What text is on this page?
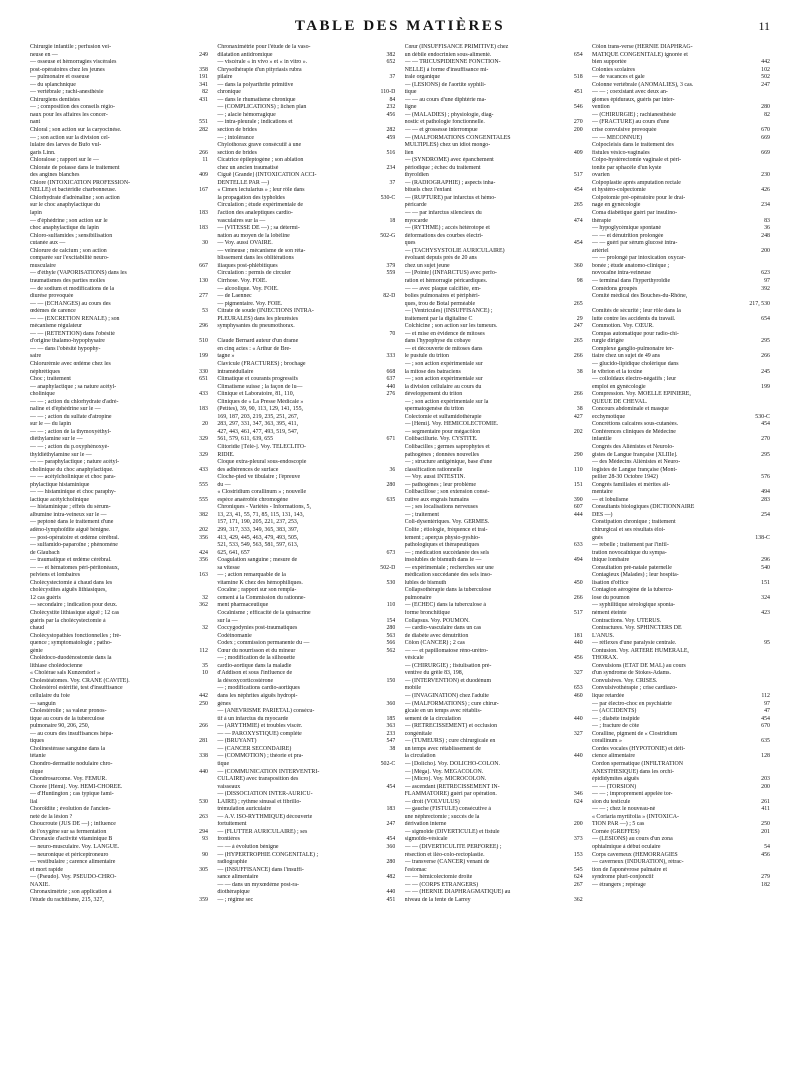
TABLE DES MATIÈRES	11
Chirurgie infantile ; perfusion vei-
neuse en —	249
— osseuse et hémorragies viscérales
post-opératoires chez les jeunes	358
— pulmonaire et osseuse	191
— du splanchnique	341
— vertébrale ; rachi-anesthésie	82
Chirurgiens dentistes	431
— ; composition des conseils régio-
naux pour les affaires les concer-
nant	551
Chloral ; son action sur la caryocinèse.	282
— ; son action sur la division cel-
lulaire des larves de Bufo vul-
garis Linn.	266
Chloralose ; rapport sur le —	11
Chlorate de potasse dans le traitement
des angines blanches	409
Chlore (INTOXICATION PROFESSION-
NELLE) et bactéridie charbonneuse.	167
Chlorhydrate d'adrénaline ; son action
sur le choc anaphylactique du
lapin	183
— d'éphédrine ; son action sur le
choc anaphylactique du lapin	183
Chloro-sulfamides ; sensibilisation
cutanée aux —	30
Chlorure de calcium ; son action
comparée sur l'excitabilité neuro-
musculaire	667
— d'éthyle (VAPORISATIONS) dans les
traumatismes des parties molles	130
— de sodium et modifications de la
diurèse provoquée	277
— — (ÉCHANGES) au cours des
œdèmes de carence	53
— — (EXCRÉTION RÉNALE) ; son
mécanisme régulateur	296
— — (RÉTENTION) dans l'obésité
d'origine thalamo-hypophysaire	510
— — dans l'obésité hypophy-
saire	199
Chlorurémie avec œdème chez les
néphrétiques	330
Choc ; traitement	651
— anaphylactique ; sa nature acétyl-
cholinique	433
— — ; action du chlorhydrate d'adré-
naline et d'éphédrine sur le —	183
— — ; action du sulfate d'atropine
sur le — du lapin	20
— — ; action de la thymoxyéthyl-
diéthylamine sur le —	329
— — ; action du p.oxyphénoxyé-
thyldiéthylamine sur le —	329
— — paraphylactique ; nature acétyl-
cholinique du choc anaphylactique.	433
— — acétylcholinique et choc para-
phylactique histaminique	555
— — histaminique et choc paraphy-
lactique acétylcholinique	555
— histaminique ; effets du sérum-
albumine intra-veineux sur le —	382
— peptoné dans le traitement d'une
adéno-lymphoïdite aiguë bénigne.	202
— post-opératoire et œdème cérébral.	356
— sulfamido-paparoïne ; phénomène
de Glaubach	424
— traumatique et œdème cérébral.	356
— — et hématomes péri-péritonéaux,
pelviens et lombaires	163
Cholécystectomie à chaud dans les
cholécystites aiguës lithiasiques,
12 cas guéris	32
— secondaire ; indication pour deux.	362
Cholécystite lithiasique aiguë ; 12 cas
guéris par la cholécystectomie à
chaud	32
Cholécystopathies fonctionnelles ; fré-
quence ; symptomatologie ; patho-
génie	112
Cholédoco-duodénostomie dans la
lithiase cholédocienne	35
« Cholérae sals Kunzendorf »	10
Cholestéatomes. Voy. CRANE (CAVITÉ).
Cholestérol estérifié, test d'insuffisance
cellulaire du foie	442
— sanguin	250
Cholestérolie ; sa valeur pronos-
tique au cours de la tuberculose
pulmonaire 90, 206, 250,	266
— au cours des insuffisances hépa-
tiques	281
Cholinestérase sanguine dans la
tétanie	338
Chondro-dermatite nodulaire chro-
nique	440
Chondrosarcome. Voy. FÉMUR.
Chorée [Hémi]. Voy. HÉMI-CHORÉE.
— d'Huntington ; cas typique fami-
lial	530
Choroïdite ; évolution de l'ancien-
neté de la lésion ?	263
Choucroute (JUS DE —) ; influence
de l'oxygène sur sa fermentation	294
Chronaxie d'activité vitaminique B	93
— neuro-musculaire. Voy. LANGUE.
— neuronique et périceptroneuro	90
— vestibulaire ; carence alimentaire
et mort rapide	305
— (Pseudo). Voy. PSEUDO-CHRO-
NAXIE.
Chronaximétrie ; son application à
l'étude du rachitisme, 215, 327,	359
Chronaximétrie pour l'étude de la vaso-
dilatation antidromique	382
— viscérale « in vivo » et « in vitro ».	652
Chrysothérapie d'un pityriasis rubra
pilaire	37
— dans la polyarthrite primitive
chronique	110-D
— dans le rhumatisme chronique	84
— (COMPLICATIONS) ; lichen plan	232
— ; alacie hémorragique	456
— intra-pleurale ; indications et
section de brides	282
— ; intolérance	459
Chylothorax grave consécutif à une
section de brides	516
Cicatrice épileptogène ; son ablation
chez un ancien traumatisé	234
Ciguë [Grande] (INTOXICATION ACCI-
DENTELLE PAR —)	37
« Cimex lectularius » ; leur rôle dans
la propagation des typhoïdes	530-C
Circulation ; étude expérimentale de
l'action des analeptiques cardio-
vasculaires sur la —	18
— (VITESSE DE —) ; sa détermi-
nation au moyen de la lobéline	502-G
— Voy. aussi OVAIRE.
— veineuse ; mécanisme de son réta-
blissement dans les oblitérations
iliaques post-phlébitiques	379
Circulation : permis de circuler	559
Cirrhose. Voy. FOIE.
— alcoolique. Voy. FOIE.
— de Laennec	82-D
— pigmentaire. Voy. FOIE.
Citrate de soude (INJECTIONS INTRA-
PLEURALES) dans les pleurésies
symphysantes du pneumothorax.
70
Claude Bernard auteur d'un drame
en cinq actes : « Arthur de Bre-
tagne »	333
Clavicule (FRACTURES) ; brochage
intramédullaire	668
Climatique et courants progressifs	637
Climatisme suisse ; la façon de lu—	440
Clinique et Laboratoire, 81, 110,	276
Cliniques de « La Presse Médicale »
(Petites), 39, 90, 113, 129, 141, 155,
169, 187, 203, 219, 235, 251, 267,
283, 297, 331, 347, 363, 395, 411,
427, 443, 461, 477, 493, 519, 547,
561, 579, 611, 639, 655	671
Clitoridie [Télé-]. Voy. TÉLÉCLITO-
RIDIE.
Cloque extra-pleural sous-endoscopie
des adhérences de surface	36
Cloche-pied ve tibulaire ; l'épreuve
du —	280
« Clostridium corallinum » ; nouvelle
espèce anaérobie chromogène	635
Chroniques - Variétés - Informations, 5,
13, 23, 41, 55, 71, 85, 115, 131, 143,
157, 171, 190, 205, 221, 237, 253,
299, 317, 333, 349, 365, 383, 397,
413, 429, 445, 463, 479, 493, 505,
521, 533, 549, 563, 581, 597, 613,
625, 641, 657	673
Coagulation sanguine ; mesure de
sa vitesse	502-D
— ; action remarquable de la
vitamine K chez des hémophiliques.	530
Cocaïne ; rapport sur son rempla-
cement à la Commission du rationne-
ment pharmaceutique	110
Cocaïnisme ; efficacité de la quinacrine
sur la —	154
Coccygodynies post-traumatiques	280
Codéinomanie	563
Codex ; commission permanente du —	566
Cœur du nourrisson et du mineur	562
— ; modification de la silhouette
cardio-aortique dans la maladie
d'Addison et sous l'influence de
la désoxycorticostérone	150
— ; modifications cardio-aortiques
dans les néphrites aiguës hydropi-
gènes	360
— (ANÉVRISME PARIÉTAL) consécu-
tif à un infarctus du myocarde	185
— (ARYTHMIE) et troubles viscér.	363
— — PAROXYSTIQUE) complète	233
— (BRUYANT)	547
— (CANCER SECONDAIRE)	38
— (COMMOTION) ; théorie et pra-
tique	502-C
— (COMMUNICATION INTERVENTRI-
CULAIRE) avec transposition des
vaisseaux	454
— (DISSOCIATION INTER-AURICU-
LAIRE) ; rythme sinusal et fibrillo-
trémulation auriculaire	183
— A.V. ISO-RYTHMIQUE) découverte
fortuitement	247
— (FLUTTER AURICULAIRE) ; ses
frontières	454
— — à évolution bénigne	360
— (HYPERTROPHIE CONGÉNITALE) ;
radiographie	280
— (INSUFFISANCE) dans l'insuffi-
sance alimentaire	482
— — dans un myxœdème post-ra-
diothérapique	440
— ; régime sec	451
Cœur (INSUFFISANCE PRIMITIVE) chez
un débile endocrinien sous-alimenté.	654
— — TRICUSPIDIENNE FONCTION-
NELLE) à forme d'insuffisance mi-
trale organique	518
— (LÉSIONS) de l'aortite syphili-
tique	451
— — au cours d'une diphtérie ma-
ligne	546
— (MALADIES) ; physiologie, diag-
nostic et pathologie fonctionnelle.	270
— — et grossesse interrompue	200
— (MALFORMATIONS CONGÉNITALES
MULTIPLES) chez un idiot mongo-
lien	409
— (SYNDROME) avec épanchement
périodique ; échec du traitement
thyroïdien	517
— (RADIOGRAPHIE) ; aspects inha-
bituels chez l'enfant	454
— (RUPTURE) par infarctus et hémo-
péricarde	265
— — par infarctus silencieux du
myocarde	474
— (RYTHME) ; accès hétérotope et
déformations des courbes électri-
ques	454
— (TACHYSYSTOLIE AURICULAIRE)
évoluant depuis près de 20 ans
chez un sujet jeune	360
— [Pointe] (INFARCTUS) avec perfo-
ration et hémorragie péricardiques.	98
— — avec plaque calcifiée, em-
bolies pulmonaires et périphéri-
ques, trou de Botal perméable	265
— [Ventricules] (INSUFFISANCE) ;
traitement par la digitaline C	29
Colchicine ; son action sur les tumeurs.	247
— et mise en évidence de mitoses
dans l'hypophyse du cobaye	265
— et découverte de mitoses dans
le pustule du triton	266
— ; son action expérimentale sur
la mitose des batraciens	38
— ; son action expérimentale sur
la division cellulaire au cours du
développement du triton	266
— ; son action expérimentale sur la
spermatogenèse du triton	38
Colectomie et sulfamidothérapie	427
— [Hémi]. Voy. HÉMICOLECTOMIE.
— segmentaire pour mégacôlon	202
Colibacillurie. Voy. CYSTITE.
Colibacilles ; germes saprophytes et
pathogènes ; données nouvelles	290
— ; structure antigénique, base d'une
classification rationnelle	110
— Voy. aussi INTESTIN.
— pathogènes ; leur problème	151
Colibacillose ; son extension consé-
cutive aux engrais humains	390
— ; ses localisations nerveuses	607
— ; traitement	444
Coli-dysentériques. Voy. GERMES.
Colite ; étiologie, fréquence et trai-
tement ; aperçus physio-pyshio-
pathologiques et thérapeutiques	633
— ; médication succédanée des sels
insolubles de bismuth dans le —	494
— expérimentale ; recherches sur une
médication succédanée des sels inso-
lubles de bismuth	450
Collapsothérapie dans la tuberculose
pulmonaire	266
— (ÉCHEC) dans la tuberculose à
forme bronchitique	517
Collapsus. Voy. POUMON.
— cardio-vasculaire dans un cas
de diabète avec dénutrition	181
Côlon (CANCER) ; 2 cas	440
— — et papillomatose réno-urétro-
vésicale	456
— (CHIRURGIE) ; fistulisation pré-
ventive du grêle 83, 198,	327
— (INTERVENTION) et duodénum
mobile	653
— (INVAGINATION) chez l'adulte	460
— (MALFORMATIONS) ; cure chirur-
gicale en un temps avec rétablis-
sement de la circulation	440
— (RÉTRÉCISSEMENT) et occlusion
congénitale	327
— (TUMEURS) ; cure chirurgicale en
un temps avec rétablissement de
la circulation	440
— [Dolicho]. Voy. DOLICHO-CÔLON.
— [Méga]. Voy. MÉGACÔLON.
— [Micro]. Voy. MICROCÔLON.
— ascendant (RÉTRÉCISSEMENT IN-
FLAMMATOIRE) guéri par opération.	346
— droit (VOLVULUS)	624
— gauche (FISTULE) consécutive à
une néphrectomie ; succès de la
dérivation interne	200
— sigmoïde (DIVERTICULE) et fistule
sigmoïdo-vésicale	373
— — (DIVERTICULITE PERFORÉE) ;
résection et iléo-colo-rectoplastie.	153
— transverse (CANCER) venant de
l'estomac	545
— — hémicolectomie droite	624
— — (CORPS ÉTRANGERS)	267
— — (HERNIE DIAPHRAGMATIQUE) au
niveau de la fente de Larrey	362
Côlon trans-verse (HERNIE DIAPHRAG-
MATIQUE CONGÉNITALE) ignorée et
bien supportée	442
Colonies scolaires	102
— de vacances et gale	502
Colonne vertébrale (ANOMALIES), 3 cas.	247
— — ; coexistant avec deux an-
giomes épiduraux, guéris par inter-
vention	280
— (CHIRURGIE) ; rachianesthésie	82
— (FRACTURE) au cours d'une
crise convulsive provoquée	670
— — MÉCONNUE)	669
Colpocleisis dans le traitement des
fistules vésico-vaginales	669
Colpo-hystérectomie vaginale et péri-
tonite par sphacèle d'un kyste
ovarien	230
Colpoplastie après amputation rectale
et hystéro-colpectomie	426
Colpotomie pré-opératoire pour le drai-
nage en gynécologie	234
Coma diabétique guéri par insulino-
thérapie	83
— hypoglycémique spontané	36
— — et dénutrition prolongée	248
— — guéri par sérum glucosé intra-
artériel	200
— — prolongé par intoxication oxycar-
bonée ; étude anatomo-clinique ;
novocaïne intra-veineuse	623
— terminal dans l'hyperthyroïdie	97
Comédons groupés	392
Comité médical des Bouches-du-Rhône,
217, 530
Comités de sécurité ; leur rôle dans la
lutte contre les accidents du travail.	654
Commotion. Voy. CŒUR.
Compas automatique pour radio-chi-
rurgie dirigée	295
Complexe ganglio-pulmonaire ter-
tiaire chez un sujet de 49 ans	266
— glucido-lipidique cholérique dans
le vibrion et la toxine	245
— colloïdaux électro-négatifs ; leur
emploi en gynécologie	199
Compression. Voy. MOELLE ÉPINIÈRE,
QUEUE DE CHEVAL.
Concours abdominale et masque
ecchymotique	530-C
Concrétions calcaires sous-cutanées.	454
Conférences cliniques de Médecine
infantile	270
Congrès des Aliénistes et Neurolo-
gistes de Langue française [XLIIIe].	295
— des Médecins Aliénistes et Neuro-
logistes de Langue française (Mont-
pellier 28-30 Octobre 1942)	576
Congrès familiales et mérites ali-
mentaire	494
— et lobulisme	283
Consultants biologiques (DICTIONNAIRE
DES —)	254
Constipation chronique ; traitement
chirurgical et ses résultats éloi-
gnés	138-C
— rebelle ; traitement par l'infil-
tration novocaïnique du sympa-
thique lombaire	296
Consultation pré-natale paternelle	540
Contagieux (Malades) ; leur hospita-
lisation d'office	151
Contagion aérogène de la tubercu-
lose du poumon	324
— syphilitique sérologique sponta-
nément éteinte	423
Contractions. Voy. UTÉRUS.
Contractures. Voy. SPHINCTERS DE
L'ANUS.
— réflexes d'une paralysie centrale.	95
Contusion. Voy. ARTÈRE HUMÉRALE,
THORAX.
Convulsions (ÉTAT DE MAL) au cours
d'un syndrome de Stokes-Adams.
Convulsives. Voy. CRISES.
Convulsivothérapie ; crise cardiazo-
lique retardée	112
— par électro-choc en psychiatrie	97
— (ACCIDENTS)	47
— ; diabète insipide	454
— ; fracture de côte	670
Coralline, pigment de « Clostridium
corallinum »	635
Cordes vocales (HYPOTONIE) et défi-
cience alimentaire	128
Cordon spermatique (INFILTRATION
ANESTHÉSIQUE) dans les orchi-
épididymites aiguës	203
— — (TORSION)	200
— — ; improprement appelée tor-
sion du testicule	261
— — ; chez le nouveau-né	411
« Coriaria myrtifolia » (INTOXICA-
TION PAR —) ; 5 cas	250
Cornée (GREFFES)	201
— (LÉSIONS) au cours d'un zona
ophtalmique à début oculaire	54
Corps caverneux (HÉMORRAGIES	456
— caverneux (INDURATION), rétrac-
tion de l'aponévrose palmaire et
syndrome pluri-conjonctif	279
— étrangers ; repérage	182
